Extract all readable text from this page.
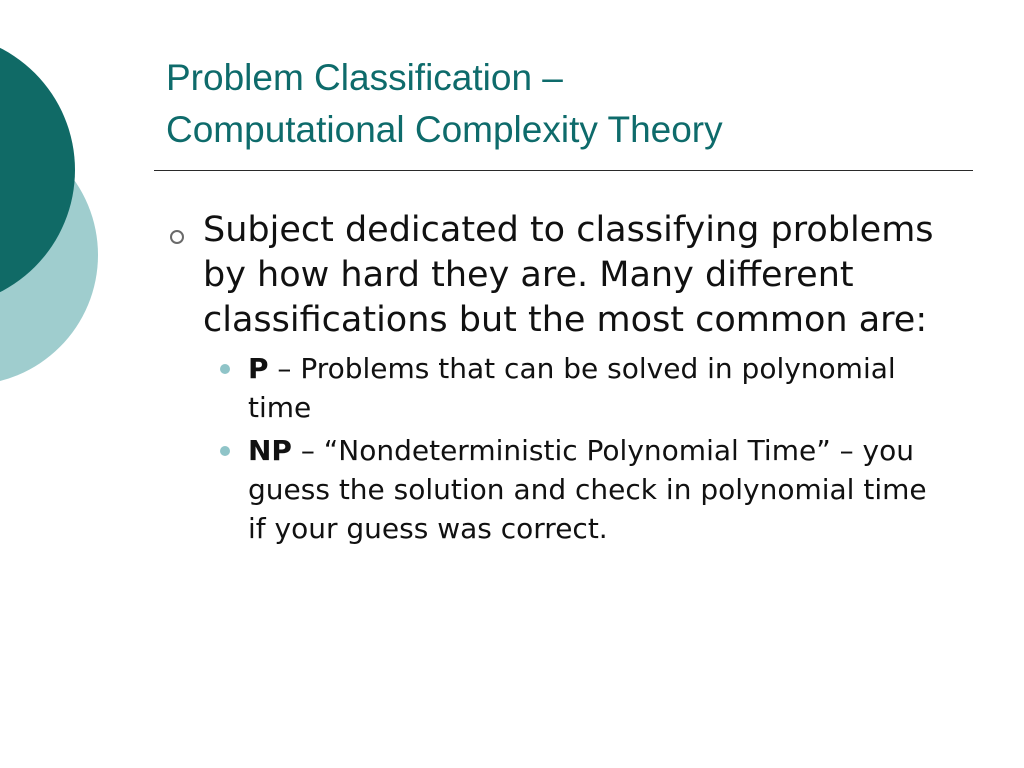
Problem Classification –
Computational Complexity Theory
Subject dedicated to classifying problems by how hard they are. Many different classifications but the most common are:
P – Problems that can be solved in polynomial time
NP – “Nondeterministic Polynomial Time” – you guess the solution and check in polynomial time if your guess was correct.
